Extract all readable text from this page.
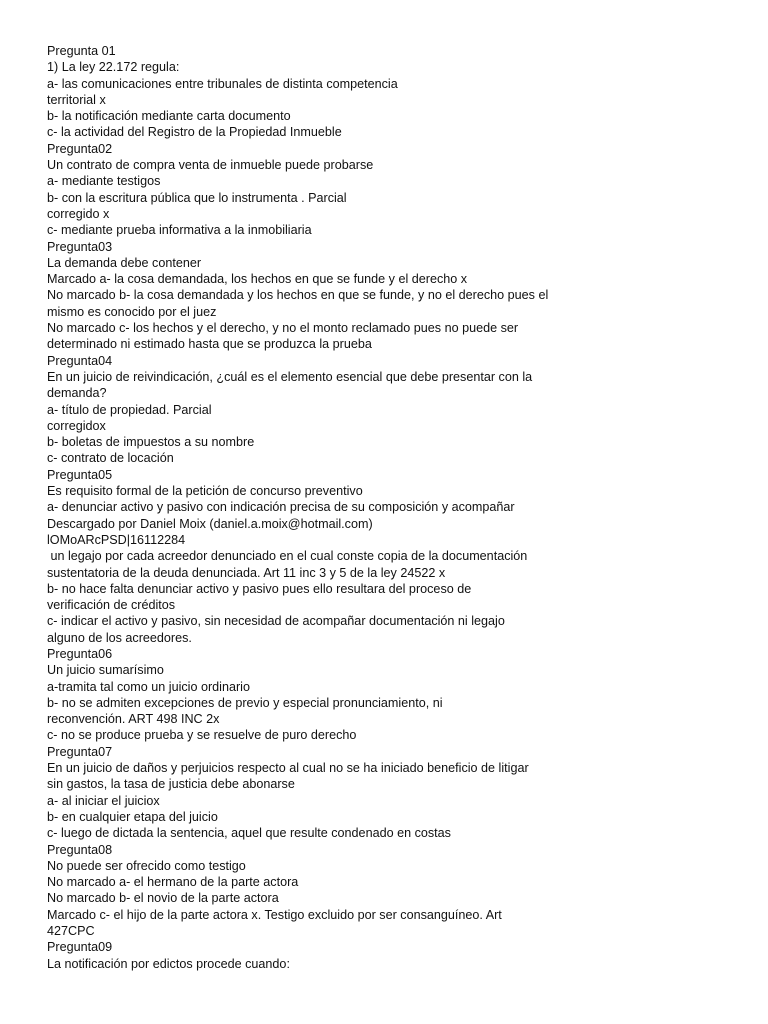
Pregunta 01
1) La ley 22.172 regula:
a- las comunicaciones entre tribunales de distinta competencia
territorial x
b- la notificación mediante carta documento
c- la actividad del Registro de la Propiedad Inmueble
Pregunta02
Un contrato de compra venta de inmueble puede probarse
a- mediante testigos
b- con la escritura pública que lo instrumenta . Parcial
corregido x
c- mediante prueba informativa a la inmobiliaria
Pregunta03
La demanda debe contener
Marcado a- la cosa demandada, los hechos en que se funde y el derecho x
No marcado b- la cosa demandada y los hechos en que se funde, y no el derecho pues el
mismo es conocido por el juez
No marcado c- los hechos y el derecho, y no el monto reclamado pues no puede ser
determinado ni estimado hasta que se produzca la prueba
Pregunta04
En un juicio de reivindicación, ¿cuál es el elemento esencial que debe presentar con la
demanda?
a- título de propiedad. Parcial
corregidox
b- boletas de impuestos a su nombre
c- contrato de locación
Pregunta05
Es requisito formal de la petición de concurso preventivo
a- denunciar activo y pasivo con indicación precisa de su composición y acompañar
Descargado por Daniel Moix (daniel.a.moix@hotmail.com)
lOMoARcPSD|16112284
un legajo por cada acreedor denunciado en el cual conste copia de la documentación
sustentatoria de la deuda denunciada. Art 11 inc 3 y 5 de la ley 24522 x
b- no hace falta denunciar activo y pasivo pues ello resultara del proceso de
verificación de créditos
c- indicar el activo y pasivo, sin necesidad de acompañar documentación ni legajo
alguno de los acreedores.
Pregunta06
Un juicio sumarísimo
a-tramita tal como un juicio ordinario
b- no se admiten excepciones de previo y especial pronunciamiento, ni
reconvención. ART 498 INC 2x
c- no se produce prueba y se resuelve de puro derecho
Pregunta07
En un juicio de daños y perjuicios respecto al cual no se ha iniciado beneficio de litigar
sin gastos, la tasa de justicia debe abonarse
a- al iniciar el juiciox
b- en cualquier etapa del juicio
c- luego de dictada la sentencia, aquel que resulte condenado en costas
Pregunta08
No puede ser ofrecido como testigo
No marcado a- el hermano de la parte actora
No marcado b- el novio de la parte actora
Marcado c- el hijo de la parte actora x. Testigo excluido por ser consanguíneo. Art
427CPC
Pregunta09
La notificación por edictos procede cuando:
